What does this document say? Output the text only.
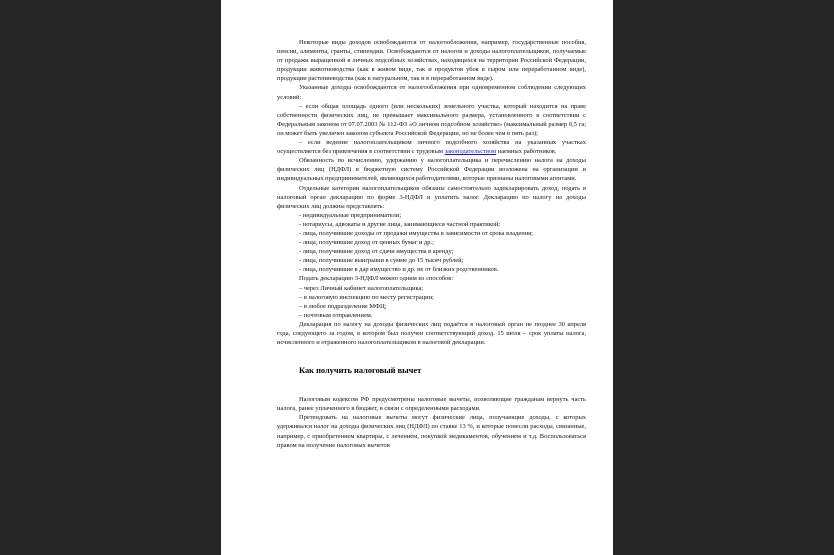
Некоторые виды доходов освобождаются от налогообложения, например, государственные пособия, пенсии, алименты, гранты, стипендии. Освобождаются от налогов и доходы налогоплательщиков, получаемые от продажи выращенной в личных подсобных хозяйствах, находящихся на территории Российской Федерации, продукции животноводства (как в живом виде, так и продуктов убоя в сыром или переработанном виде), продукции растениеводства (как в натуральном, так и в переработанном виде).

Указанные доходы освобождаются от налогообложения при одновременном соблюдении следующих условий:

– если общая площадь одного (или нескольких) земельного участка, который находится на праве собственности физических лиц, не превышает максимального размера, установленного в соответствии с Федеральным законом от 07.07.2003 № 112-ФЗ «О личном подсобном хозяйстве» (максимальный размер 0,5 га; он может быть увеличен законом субъекта Российской Федерации, но не более чем в пять раз);

– если ведение налогоплательщиком личного подсобного хозяйства на указанных участках осуществляется без привлечения в соответствии с трудовым законодательством наемных работников.

Обязанность по исчислению, удержанию у налогоплательщика и перечислению налога на доходы физических лиц (НДФЛ) в бюджетную систему Российской Федерации возложена на организации и индивидуальных предпринимателей, являющихся работодателями, которые признаны налоговыми агентами.

Отдельные категории налогоплательщиков обязаны самостоятельно задекларировать доход, подать в налоговый орган декларацию по форме 3-НДФЛ и уплатить налог. Декларацию по налогу на доходы физических лиц должны представлять:

- индивидуальные предприниматели;

- нотариусы, адвокаты и другие лица, занимающиеся частной практикой;

- лица, получившие доходы от продажи имущества в зависимости от срока владения;

- лица, получившие доход от ценных бумаг и др.;

- лица, получившие доход от сдачи имущества в аренду;

- лица, получившие выигрыши в сумме до 15 тысяч рублей;

- лица, получившие в дар имущество и др. не от близких родственников.

Подать декларацию 3-НДФЛ можно одним из способов:

– через Личный кабинет налогоплательщика;

– в налоговую инспекцию по месту регистрации;

– в любое подразделение МФЦ;

– почтовым отправлением.

Декларация по налогу на доходы физических лиц подаётся в налоговый орган не позднее 30 апреля года, следующего за годом, в котором был получен соответствующий доход. 15 июля – срок уплаты налога, исчисленного и отраженного налогоплательщиком в налоговой декларации.

Как получить налоговый вычет

Налоговым кодексом РФ предусмотрены налоговые вычеты, позволяющие гражданам вернуть часть налога, ранее уплаченного в бюджет, в связи с определенными расходами.

Претендовать на налоговые вычеты могут физические лица, получающие доходы, с которых удерживался налог на доходы физических лиц (НДФЛ) по ставке 13 %, и которые понесли расходы, связанные, например, с приобретением квартиры, с лечением, покупкой медикаментов, обучением и т.д. Воспользоваться правом на получение налоговых вычетов
